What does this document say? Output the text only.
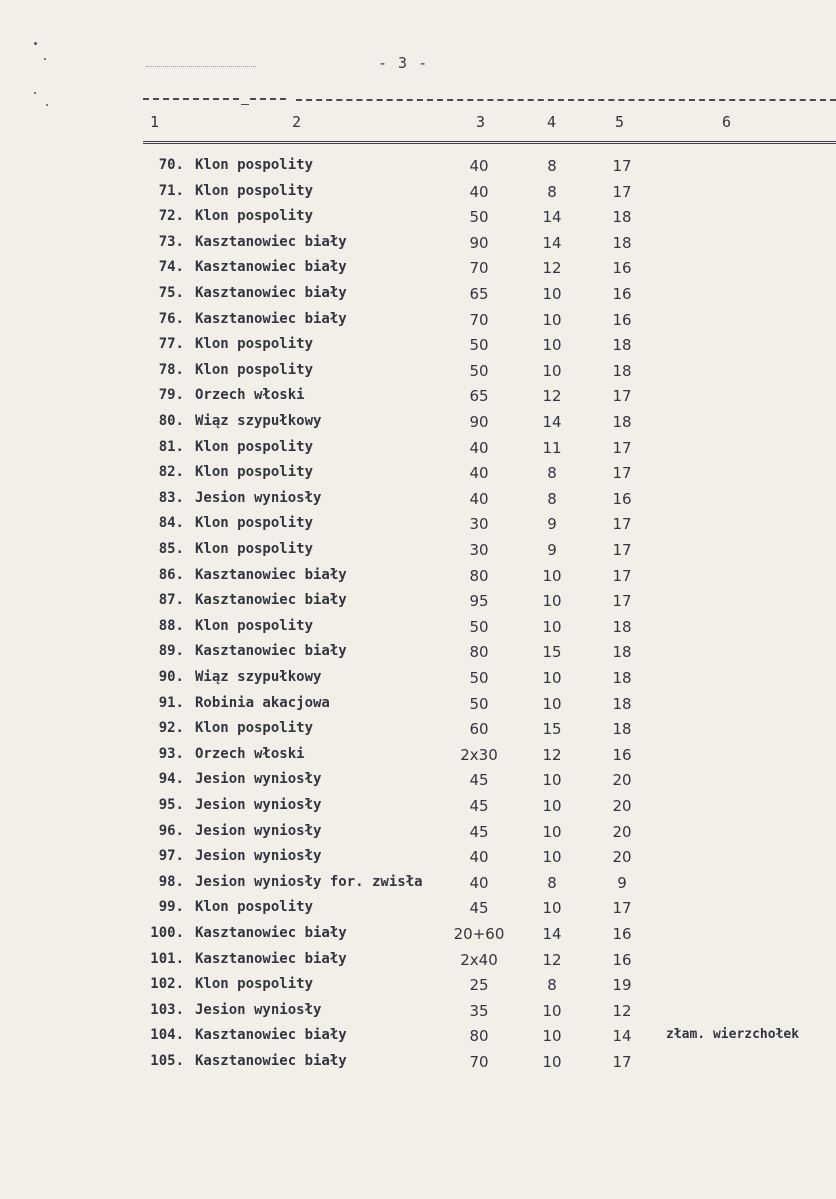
- 3 -
1	2	3	4	5	6
70. Klon pospolity	40	8	17
71. Klon pospolity	40	8	17
72. Klon pospolity	50	14	18
73. Kasztanowiec biały	90	14	18
74. Kasztanowiec biały	70	12	16
75. Kasztanowiec biały	65	10	16
76. Kasztanowiec biały	70	10	16
77. Klon pospolity	50	10	18
78. Klon pospolity	50	10	18
79. Orzech włoski	65	12	17
80. Wiąz szypułkowy	90	14	18
81. Klon pospolity	40	11	17
82. Klon pospolity	40	8	17
83. Jesion wyniosły	40	8	16
84. Klon pospolity	30	9	17
85. Klon pospolity	30	9	17
86. Kasztanowiec biały	80	10	17
87. Kasztanowiec biały	95	10	17
88. Klon pospolity	50	10	18
89. Kasztanowiec biały	80	15	18
90. Wiąz szypułkowy	50	10	18
91. Robinia akacjowa	50	10	18
92. Klon pospolity	60	15	18
93. Orzech włoski	2x30	12	16
94. Jesion wyniosły	45	10	20
95. Jesion wyniosły	45	10	20
96. Jesion wyniosły	45	10	20
97. Jesion wyniosły	40	10	20
98. Jesion wyniosły for. zwisła	40	8	9
99. Klon pospolity	45	10	17
100. Kasztanowiec biały	20+60	14	16
101. Kasztanowiec biały	2x40	12	16
102. Klon pospolity	25	8	19
103. Jesion wyniosły	35	10	12
104. Kasztanowiec biały	80	10	14	złam. wierzchołek
105. Kasztanowiec biały	70	10	17
